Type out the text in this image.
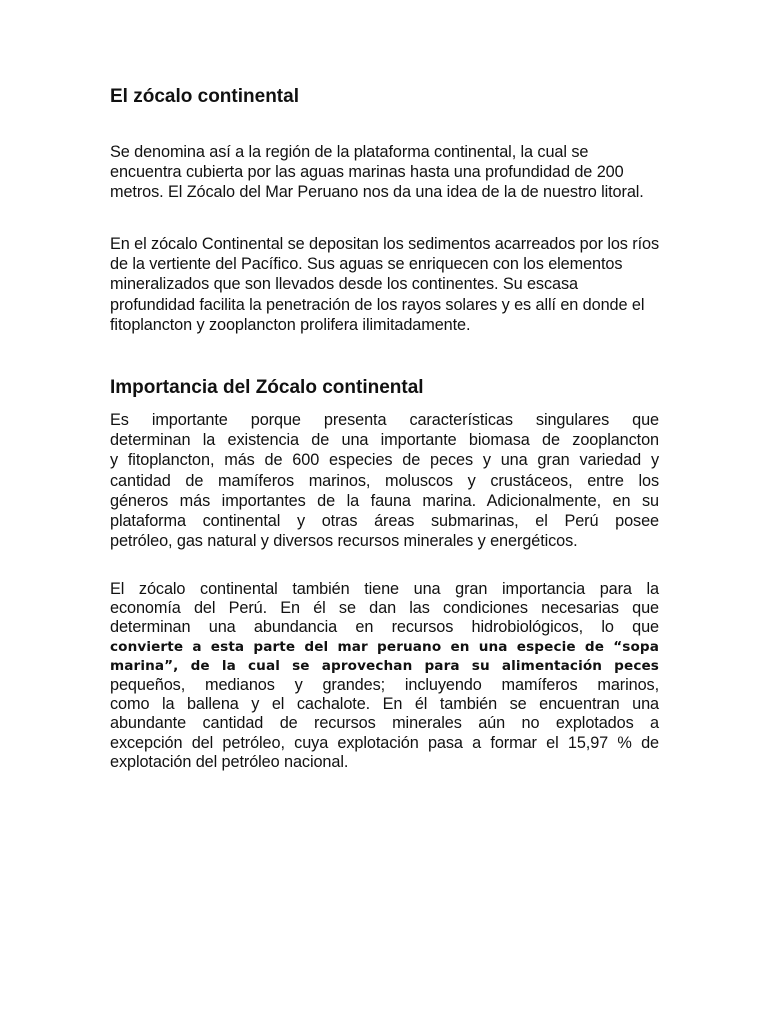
El zócalo continental

Se denomina así a la región de la plataforma continental, la cual se encuentra cubierta por las aguas marinas hasta una profundidad de 200 metros. El Zócalo del Mar Peruano nos da una idea de la de nuestro litoral.

En el zócalo Continental se depositan los sedimentos acarreados por los ríos de la vertiente del Pacífico. Sus aguas se enriquecen con los elementos mineralizados que son llevados desde los continentes. Su escasa profundidad facilita la penetración de los rayos solares y es allí en donde el fitoplancton y zooplancton prolifera ilimitadamente.

Importancia del Zócalo continental

Es importante porque presenta características singulares que
determinan la existencia de una importante biomasa de zooplancton
y fitoplancton, más de 600 especies de peces y una gran variedad y
cantidad de mamíferos marinos, moluscos y crustáceos, entre los
géneros más importantes de la fauna marina. Adicionalmente, en su
plataforma continental y otras áreas submarinas, el Perú posee
petróleo, gas natural y diversos recursos minerales y energéticos.

El zócalo continental también tiene una gran importancia para la
economía del Perú. En él se dan las condiciones necesarias que
determinan una abundancia en recursos hidrobiológicos, lo que
convierte a esta parte del mar peruano en una especie de “sopa
marina”, de la cual se aprovechan para su alimentación peces
pequeños, medianos y grandes; incluyendo mamíferos marinos,
como la ballena y el cachalote. En él también se encuentran una
abundante cantidad de recursos minerales aún no explotados a
excepción del petróleo, cuya explotación pasa a formar el 15,97 % de
explotación del petróleo nacional.
